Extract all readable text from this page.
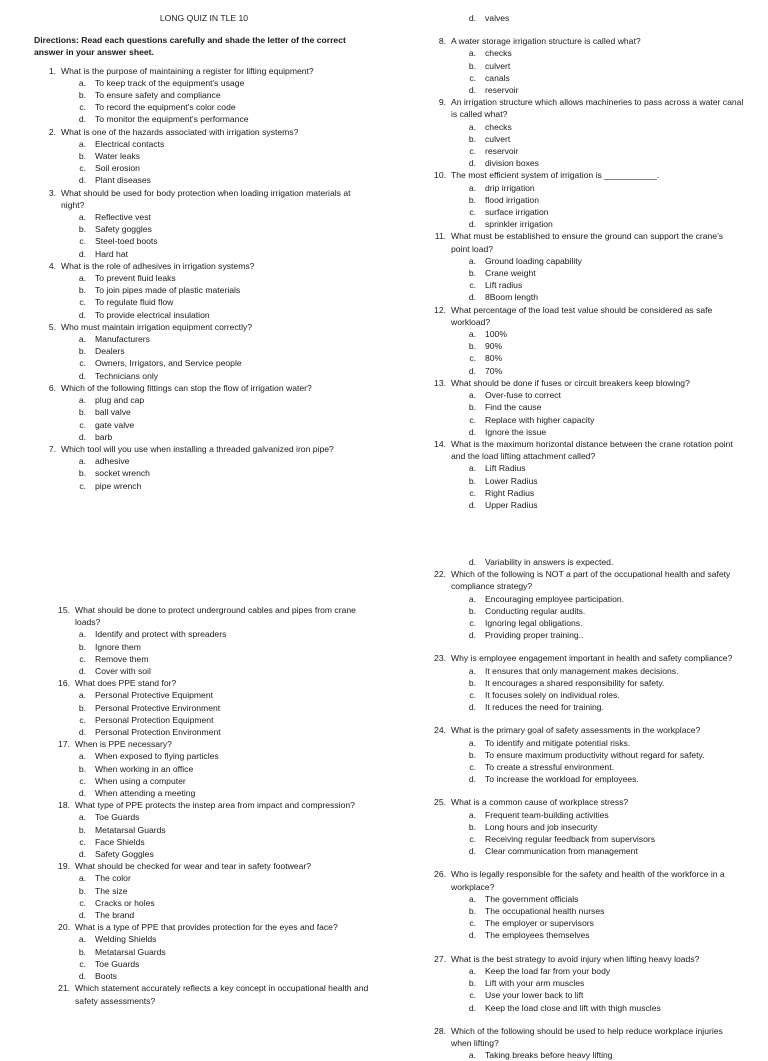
LONG QUIZ IN TLE 10
Directions: Read each questions carefully and shade the letter of the correct answer in your answer sheet.
1. What is the purpose of maintaining a register for lifting equipment?
a.	To keep track of the equipment's usage
b.	To ensure safety and compliance
c.	To record the equipment's color code
d.	To monitor the equipment's performance
2. What is one of the hazards associated with irrigation systems?
a.	Electrical contacts
b.	Water leaks
c.	Soil erosion
d.	Plant diseases
3. What should be used for body protection when loading irrigation materials at night?
a.	Reflective vest
b.	Safety goggles
c.	Steel-toed boots
d.	Hard hat
4. What is the role of adhesives in irrigation systems?
a.	To prevent fluid leaks
b.	To join pipes made of plastic materials
c.	To regulate fluid flow
d.	To provide electrical insulation
5. Who must maintain irrigation equipment correctly?
a.	Manufacturers
b.	Dealers
c.	Owners, Irrigators, and Service people
d.	Technicians only
6. Which of the following fittings can stop the flow of irrigation water?
a.	plug and cap
b.	ball valve
c.	gate valve
d.	barb
7. Which tool will you use when installing a threaded galvanized iron pipe?
a.	adhesive
b.	socket wrench
c.	pipe wrench
d.	valves
8. A water storage irrigation structure is called what?
a.	checks
b.	culvert
c.	canals
d.	reservoir
9. An irrigation structure which allows machineries to pass across a water canal is called what?
a.	checks
b.	culvert
c.	reservoir
d.	division boxes
10. The most efficient system of irrigation is ___________.
a.	drip irrigation
b.	flood irrigation
c.	surface irrigation
d.	sprinkler irrigation
11. What must be established to ensure the ground can support the crane's point load?
a.	Ground loading capability
b.	Crane weight
c.	Lift radius
d.	8Boom length
12. What percentage of the load test value should be considered as safe workload?
a.	100%
b.	90%
c.	80%
d.	70%
13. What should be done if fuses or circuit breakers keep blowing?
a.	Over-fuse to correct
b.	Find the cause
c.	Replace with higher capacity
d.	Ignore the issue
14. What is the maximum horizontal distance between the crane rotation point and the load lifting attachment called?
a.	Lift Radius
b.	Lower Radius
c.	Right Radius
d.	Upper Radius
15. What should be done to protect underground cables and pipes from crane loads?
a.	Identify and protect with spreaders
b.	Ignore them
c.	Remove them
d.	Cover with soil
16. What does PPE stand for?
a.	Personal Protective Equipment
b.	Personal Protective Environment
c.	Personal Protection Equipment
d.	Personal Protection Environment
17. When is PPE necessary?
a.	When exposed to flying particles
b.	When working in an office
c.	When using a computer
d.	When attending a meeting
18. What type of PPE protects the instep area from impact and compression?
a.	Toe Guards
b.	Metatarsal Guards
c.	Face Shields
d.	Safety Goggles
19. What should be checked for wear and tear in safety footwear?
a.	The color
b.	The size
c.	Cracks or holes
d.	The brand
20. What is a type of PPE that provides protection for the eyes and face?
a.	Welding Shields
b.	Metatarsal Guards
c.	Toe Guards
d.	Boots
21. Which statement accurately reflects a key concept in occupational health and safety assessments?
d.	Variability in answers is expected.
22. Which of the following is NOT a part of the occupational health and safety compliance strategy?
a.	Encouraging employee participation.
b.	Conducting regular audits.
c.	Ignoring legal obligations.
d.	Providing proper training..
23. Why is employee engagement important in health and safety compliance?
a.	It ensures that only management makes decisions.
b.	It encourages a shared responsibility for safety.
c.	It focuses solely on individual roles.
d.	It reduces the need for training.
24. What is the primary goal of safety assessments in the workplace?
a.	To identify and mitigate potential risks.
b.	To ensure maximum productivity without regard for safety.
c.	To create a stressful environment.
d.	To increase the workload for employees.
25. What is a common cause of workplace stress?
a.	Frequent team-building activities
b.	Long hours and job insecurity
c.	Receiving regular feedback from supervisors
d.	Clear communication from management
26. Who is legally responsible for the safety and health of the workforce in a workplace?
a.	The government officials
b.	The occupational health nurses
c.	The employer or supervisors
d.	The employees themselves
27. What is the best strategy to avoid injury when lifting heavy loads?
a.	Keep the load far from your body
b.	Lift with your arm muscles
c.	Use your lower back to lift
d.	Keep the load close and lift with thigh muscles
28. Which of the following should be used to help reduce workplace injuries when lifting?
a.	Taking breaks before heavy lifting
